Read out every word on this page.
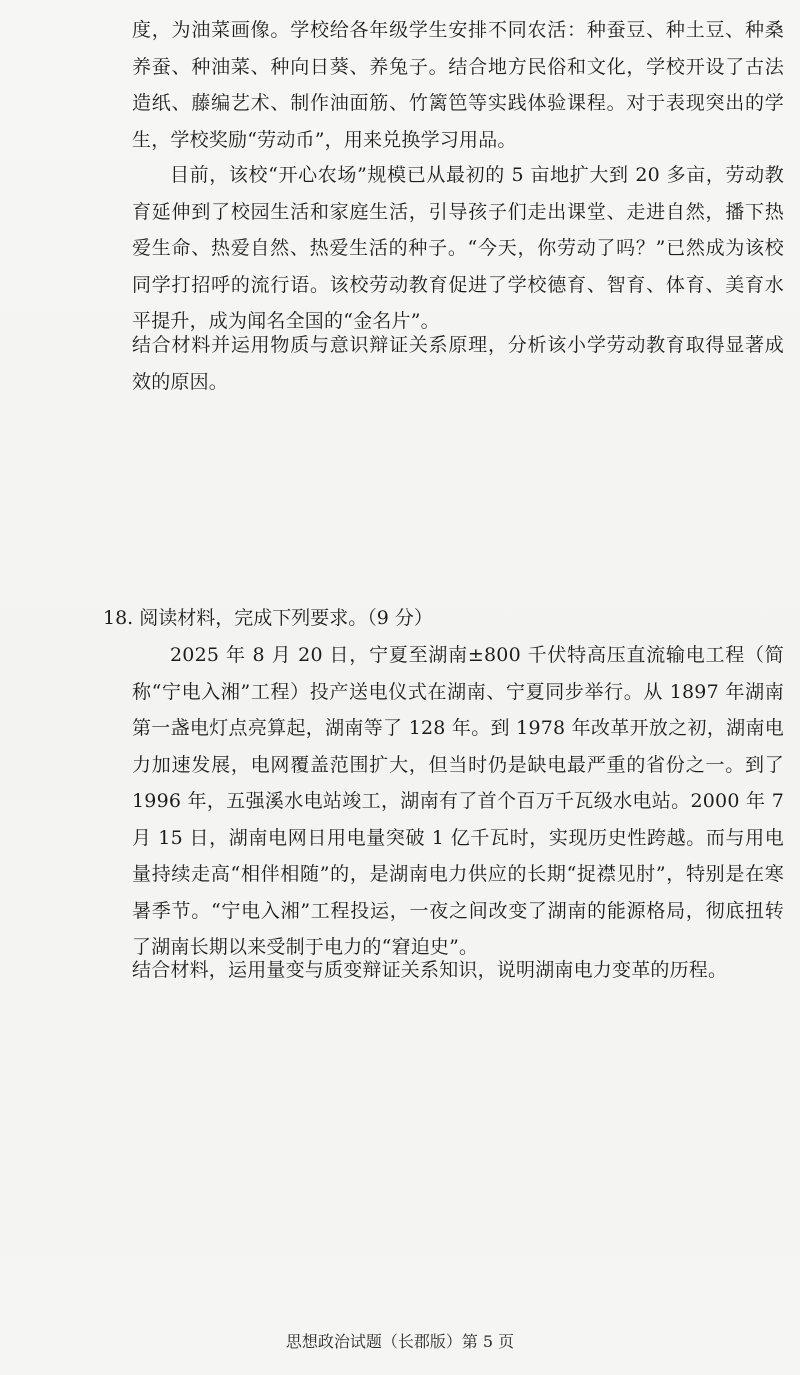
度，为油菜画像。学校给各年级学生安排不同农活：种蚕豆、种土豆、种桑养蚕、种油菜、种向日葵、养兔子。结合地方民俗和文化，学校开设了古法造纸、藤编艺术、制作油面筋、竹篱笆等实践体验课程。对于表现突出的学生，学校奖励“劳动币”，用来兑换学习用品。

目前，该校“开心农场”规模已从最初的 5 亩地扩大到 20 多亩，劳动教育延伸到了校园生活和家庭生活，引导孩子们走出课堂、走进自然，播下热爱生命、热爱自然、热爱生活的种子。“今天，你劳动了吗？”已然成为该校同学打招呼的流行语。该校劳动教育促进了学校德育、智育、体育、美育水平提升，成为闻名全国的“金名片”。

结合材料并运用物质与意识辩证关系原理，分析该小学劳动教育取得显著成效的原因。

18. 阅读材料，完成下列要求。（9 分）

2025 年 8 月 20 日，宁夏至湖南±800 千伏特高压直流输电工程（简称“宁电入湘”工程）投产送电仪式在湖南、宁夏同步举行。从 1897 年湖南第一盏电灯点亮算起，湖南等了 128 年。到 1978 年改革开放之初，湖南电力加速发展，电网覆盖范围扩大，但当时仍是缺电最严重的省份之一。到了 1996 年，五强溪水电站竣工，湖南有了首个百万千瓦级水电站。2000 年 7 月 15 日，湖南电网日用电量突破 1 亿千瓦时，实现历史性跨越。而与用电量持续走高“相伴相随”的，是湖南电力供应的长期“捉襟见肘”，特别是在寒暑季节。“宁电入湘”工程投运，一夜之间改变了湖南的能源格局，彻底扭转了湖南长期以来受制于电力的“窘迫史”。

结合材料，运用量变与质变辩证关系知识，说明湖南电力变革的历程。

思想政治试题（长郡版）第 5 页
